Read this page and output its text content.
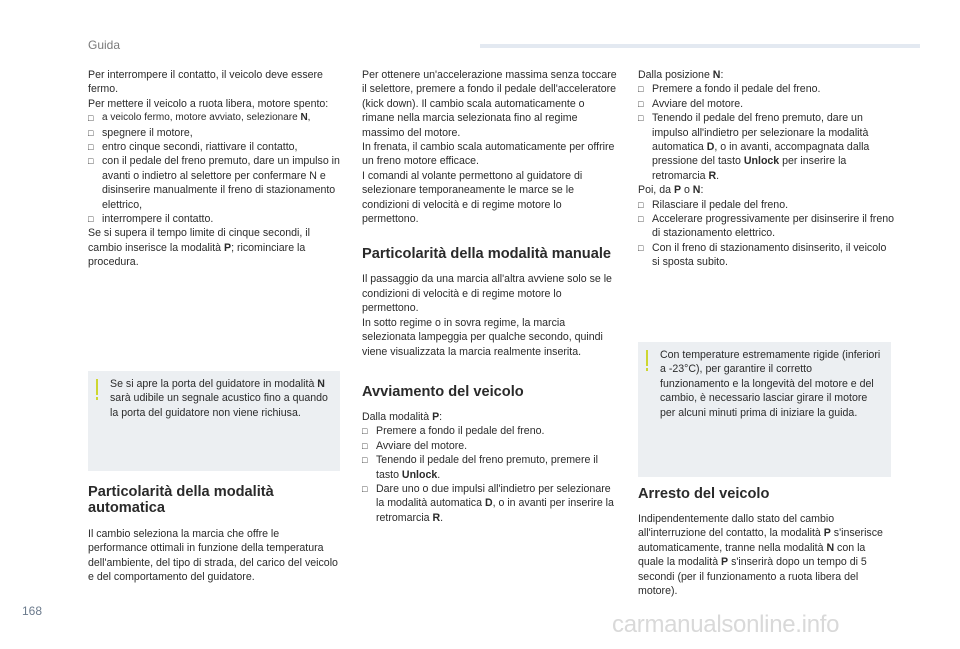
Guida

Per interrompere il contatto, il veicolo deve essere fermo.

Per mettere il veicolo a ruota libera, motore spento:

□ a veicolo fermo, motore avviato, selezionare N,
□ spegnere il motore,
□ entro cinque secondi, riattivare il contatto,
□ con il pedale del freno premuto, dare un impulso in avanti o indietro al selettore per confermare N e disinserire manualmente il freno di stazionamento elettrico,
□ interrompere il contatto.

Se si supera il tempo limite di cinque secondi, il cambio inserisce la modalità P; ricominciare la procedura.

Se si apre la porta del guidatore in modalità N sarà udibile un segnale acustico fino a quando la porta del guidatore non viene richiusa.
Particolarità della modalità automatica

Il cambio seleziona la marcia che offre le performance ottimali in funzione della temperatura dell'ambiente, del tipo di strada, del carico del veicolo e del comportamento del guidatore.

Per ottenere un'accelerazione massima senza toccare il selettore, premere a fondo il pedale dell'acceleratore (kick down). Il cambio scala automaticamente o rimane nella marcia selezionata fino al regime massimo del motore.

In frenata, il cambio scala automaticamente per offrire un freno motore efficace.

I comandi al volante permettono al guidatore di selezionare temporaneamente le marce se le condizioni di velocità e di regime motore lo permettono.

Particolarità della modalità manuale

Il passaggio da una marcia all'altra avviene solo se le condizioni di velocità e di regime motore lo permettono.

In sotto regime o in sovra regime, la marcia selezionata lampeggia per qualche secondo, quindi viene visualizzata la marcia realmente inserita.

Avviamento del veicolo

Dalla modalità P:

□ Premere a fondo il pedale del freno.
□ Avviare del motore.
□ Tenendo il pedale del freno premuto, premere il tasto Unlock.
□ Dare uno o due impulsi all'indietro per selezionare la modalità automatica D, o in avanti per inserire la retromarcia R.

Dalla posizione N:

□ Premere a fondo il pedale del freno.
□ Avviare del motore.
□ Tenendo il pedale del freno premuto, dare un impulso all'indietro per selezionare la modalità automatica D, o in avanti, accompagnata dalla pressione del tasto Unlock per inserire la retromarcia R.

Poi, da P o N:

□ Rilasciare il pedale del freno.
□ Accelerare progressivamente per disinserire il freno di stazionamento elettrico.
□ Con il freno di stazionamento disinserito, il veicolo si sposta subito.
Con temperature estremamente rigide (inferiori a -23°C), per garantire il corretto funzionamento e la longevità del motore e del cambio, è necessario lasciar girare il motore per alcuni minuti prima di iniziare la guida.
Arresto del veicolo

Indipendentemente dallo stato del cambio all'interruzione del contatto, la modalità P s'inserisce automaticamente, tranne nella modalità N con la quale la modalità P s'inserirà dopo un tempo di 5 secondi (per il funzionamento a ruota libera del motore).

168	carmanualsonline.info
